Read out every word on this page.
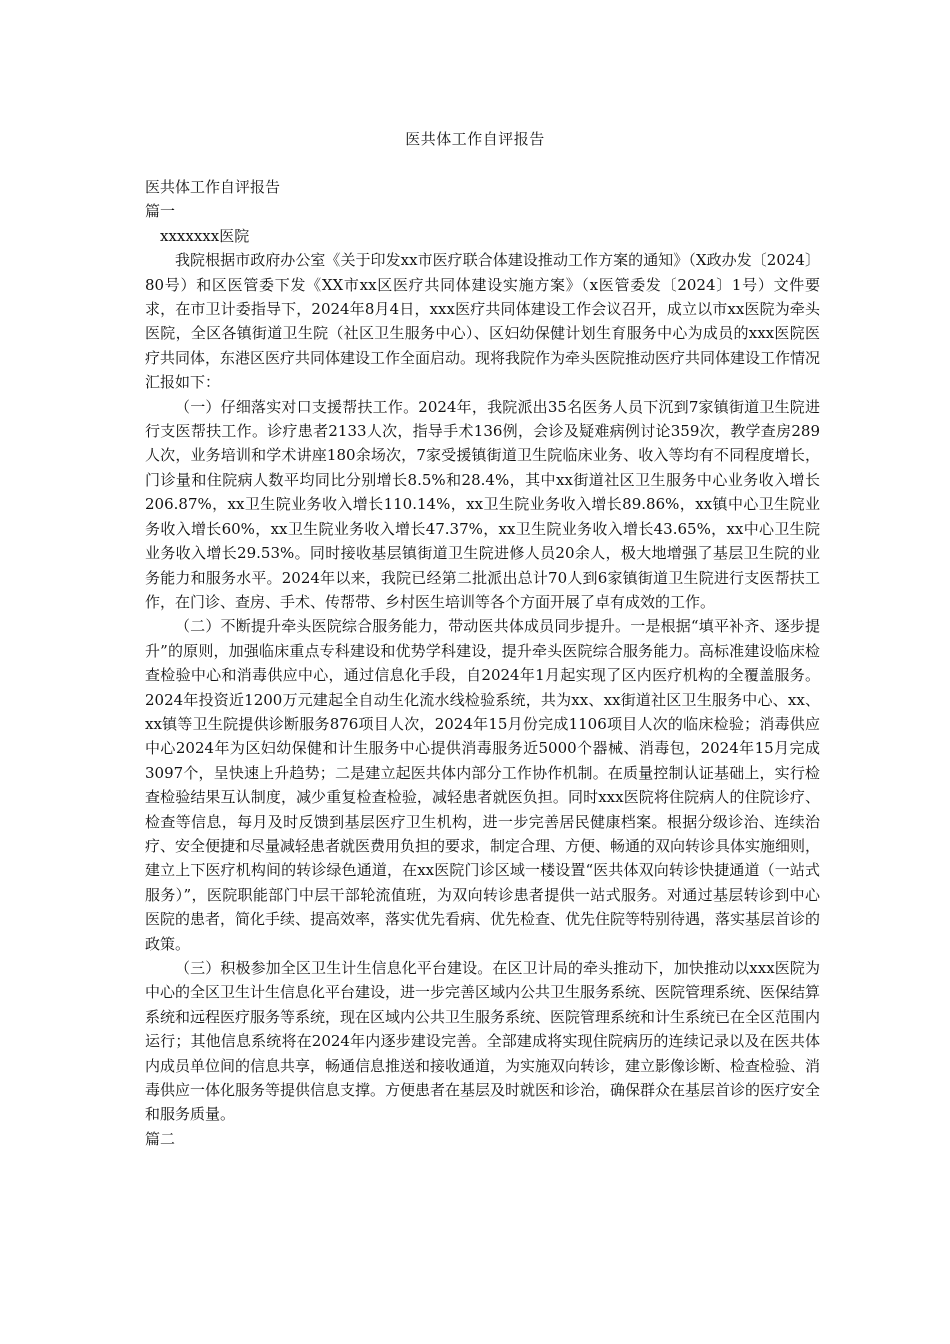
医共体工作自评报告

医共体工作自评报告

篇一

xxxxxxx医院

我院根据市政府办公室《关于印发xx市医疗联合体建设推动工作方案的通知》（X政办发〔2024〕80号）和区医管委下发《XX市xx区医疗共同体建设实施方案》（x医管委发〔2024〕1号）文件要求，在市卫计委指导下，2024年8月4日，xxx医疗共同体建设工作会议召开，成立以市xx医院为牵头医院，全区各镇街道卫生院（社区卫生服务中心）、区妇幼保健计划生育服务中心为成员的xxx医院医疗共同体，东港区医疗共同体建设工作全面启动。现将我院作为牵头医院推动医疗共同体建设工作情况汇报如下：

（一）仔细落实对口支援帮扶工作。2024年，我院派出35名医务人员下沉到7家镇街道卫生院进行支医帮扶工作。诊疗患者2133人次，指导手术136例，会诊及疑难病例讨论359次，教学查房289人次，业务培训和学术讲座180余场次，7家受援镇街道卫生院临床业务、收入等均有不同程度增长，门诊量和住院病人数平均同比分别增长8.5%和28.4%，其中xx街道社区卫生服务中心业务收入增长206.87%，xx卫生院业务收入增长110.14%，xx卫生院业务收入增长89.86%，xx镇中心卫生院业务收入增长60%，xx卫生院业务收入增长47.37%，xx卫生院业务收入增长43.65%，xx中心卫生院业务收入增长29.53%。同时接收基层镇街道卫生院进修人员20余人，极大地增强了基层卫生院的业务能力和服务水平。2024年以来，我院已经第二批派出总计70人到6家镇街道卫生院进行支医帮扶工作，在门诊、查房、手术、传帮带、乡村医生培训等各个方面开展了卓有成效的工作。

（二）不断提升牵头医院综合服务能力，带动医共体成员同步提升。一是根据“填平补齐、逐步提升”的原则，加强临床重点专科建设和优势学科建设，提升牵头医院综合服务能力。高标准建设临床检查检验中心和消毒供应中心，通过信息化手段，自2024年1月起实现了区内医疗机构的全覆盖服务。2024年投资近1200万元建起全自动生化流水线检验系统，共为xx、xx街道社区卫生服务中心、xx、xx镇等卫生院提供诊断服务876项目人次，2024年15月份完成1106项目人次的临床检验；消毒供应中心2024年为区妇幼保健和计生服务中心提供消毒服务近5000个器械、消毒包，2024年15月完成3097个，呈快速上升趋势；二是建立起医共体内部分工作协作机制。在质量控制认证基础上，实行检查检验结果互认制度，减少重复检查检验，减轻患者就医负担。同时xxx医院将住院病人的住院诊疗、检查等信息，每月及时反馈到基层医疗卫生机构，进一步完善居民健康档案。根据分级诊治、连续治疗、安全便捷和尽量减轻患者就医费用负担的要求，制定合理、方便、畅通的双向转诊具体实施细则，建立上下医疗机构间的转诊绿色通道，在xx医院门诊区域一楼设置“医共体双向转诊快捷通道（一站式服务）”，医院职能部门中层干部轮流值班，为双向转诊患者提供一站式服务。对通过基层转诊到中心医院的患者，简化手续、提高效率，落实优先看病、优先检查、优先住院等特别待遇，落实基层首诊的政策。

（三）积极参加全区卫生计生信息化平台建设。在区卫计局的牵头推动下，加快推动以xxx医院为中心的全区卫生计生信息化平台建设，进一步完善区域内公共卫生服务系统、医院管理系统、医保结算系统和远程医疗服务等系统，现在区域内公共卫生服务系统、医院管理系统和计生系统已在全区范围内运行；其他信息系统将在2024年内逐步建设完善。全部建成将实现住院病历的连续记录以及在医共体内成员单位间的信息共享，畅通信息推送和接收通道，为实施双向转诊，建立影像诊断、检查检验、消毒供应一体化服务等提供信息支撑。方便患者在基层及时就医和诊治，确保群众在基层首诊的医疗安全和服务质量。

篇二
